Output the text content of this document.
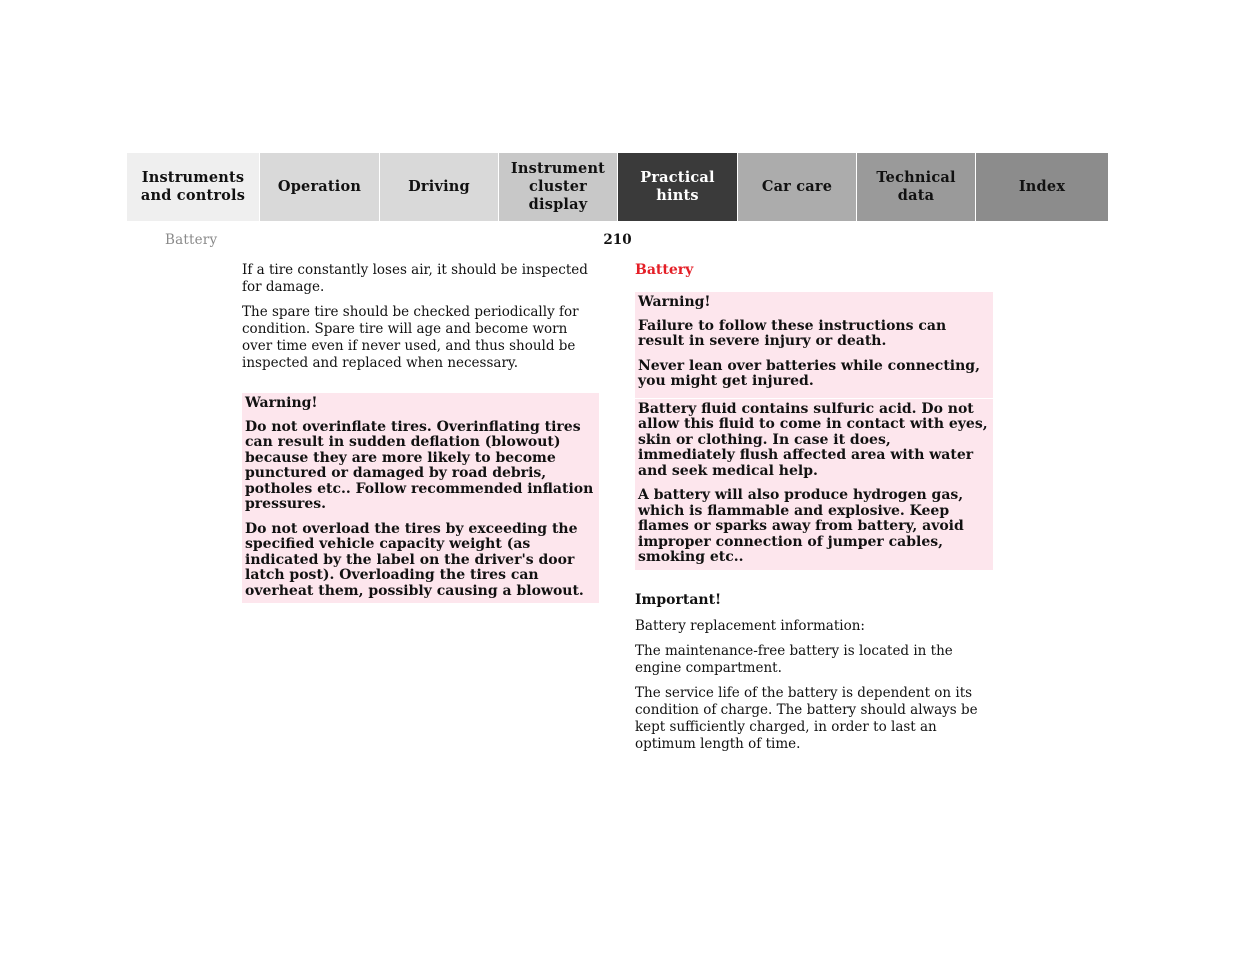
Instruments
and controls
Operation	Driving
Instrument
cluster display
Practical hints
Car care
Technical
data
Index
Battery	210

If a tire constantly loses air, it should be inspected for damage.

The spare tire should be checked periodically for condition. Spare tire will age and become worn over time even if never used, and thus should be inspected and replaced when necessary.

Warning!

Do not overinflate tires. Overinflating tires can result in sudden deflation (blowout) because they are more likely to become punctured or damaged by road debris, potholes etc.. Follow recommended inflation pressures.

Do not overload the tires by exceeding the specified vehicle capacity weight (as indicated by the label on the driver's door latch post). Overloading the tires can overheat them, possibly causing a blowout.

Battery

Warning!

Failure to follow these instructions can result in severe injury or death.

Never lean over batteries while connecting, you might get injured.

Battery fluid contains sulfuric acid. Do not allow this fluid to come in contact with eyes, skin or clothing. In case it does, immediately flush affected area with water and seek medical help.

A battery will also produce hydrogen gas, which is flammable and explosive. Keep flames or sparks away from battery, avoid improper connection of jumper cables, smoking etc..

Important!

Battery replacement information:

The maintenance-free battery is located in the engine compartment.

The service life of the battery is dependent on its condition of charge. The battery should always be kept sufficiently charged, in order to last an optimum length of time.
